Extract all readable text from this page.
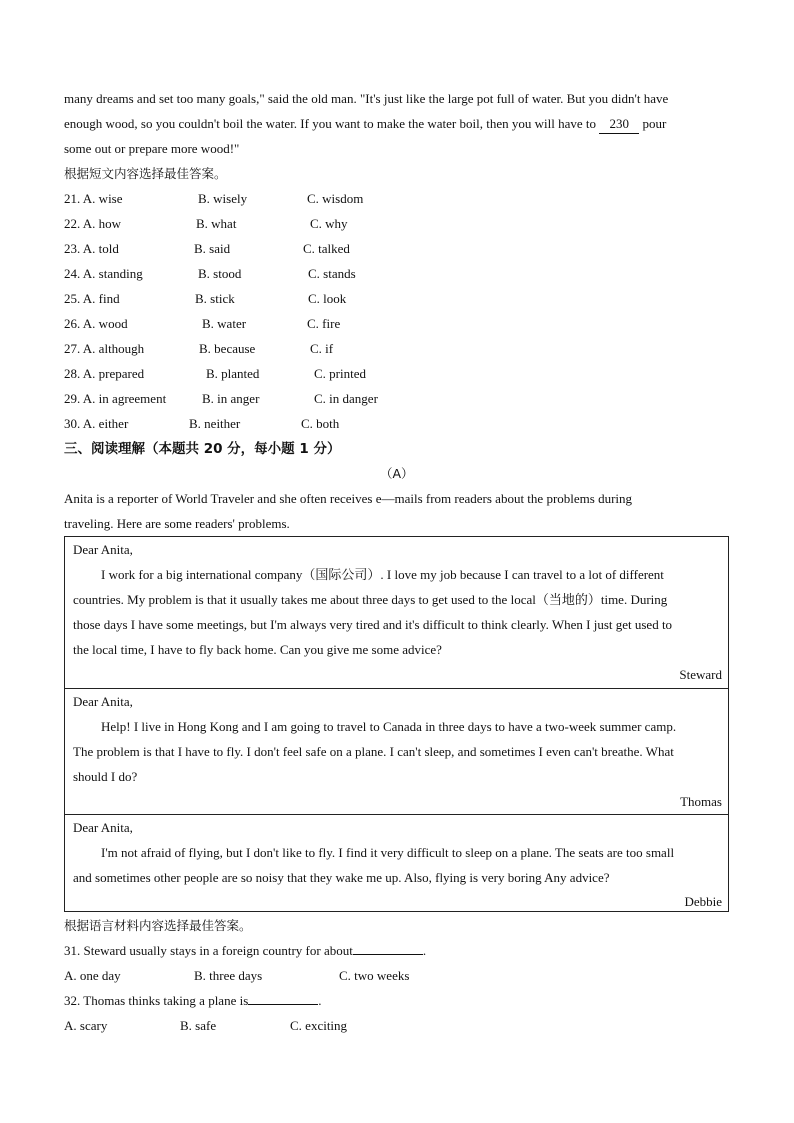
many dreams and set too many goals," said the old man. "It's just like the large pot full of water. But you didn't have
enough wood, so you couldn't boil the water. If you want to make the water boil, then you will have to 230 pour
some out or prepare more wood!"
根据短文内容选择最佳答案。
21. A. wise	B. wisely	C. wisdom
22. A. how	B. what	C. why
23. A. told	B. said	C. talked
24. A. standing	B. stood	C. stands
25. A. find	B. stick	C. look
26. A. wood	B. water	C. fire
27. A. although	B. because	C. if
28. A. prepared	B. planted	C. printed
29. A. in agreement	B. in anger	C. in danger
30. A. either	B. neither	C. both
三、阅读理解（本题共 20 分，每小题 1 分）
（A）
Anita is a reporter of World Traveler and she often receives e—mails from readers about the problems during
traveling. Here are some readers' problems.
Dear Anita,
I work for a big international company（国际公司）. I love my job because I can travel to a lot of different
countries. My problem is that it usually takes me about three days to get used to the local（当地的）time. During
those days I have some meetings, but I'm always very tired and it's difficult to think clearly. When I just get used to
the local time, I have to fly back home. Can you give me some advice?
Steward
Dear Anita,
Help! I live in Hong Kong and I am going to travel to Canada in three days to have a two-week summer camp.
The problem is that I have to fly. I don't feel safe on a plane. I can't sleep, and sometimes I even can't breathe. What
should I do?
Thomas
Dear Anita,
I'm not afraid of flying, but I don't like to fly. I find it very difficult to sleep on a plane. The seats are too small
and sometimes other people are so noisy that they wake me up. Also, flying is very boring Any advice?
Debbie
根据语言材料内容选择最佳答案。
31. Steward usually stays in a foreign country for about	.
A. one day	B. three days	C. two weeks
32. Thomas thinks taking a plane is	.
A. scary	B. safe	C. exciting
